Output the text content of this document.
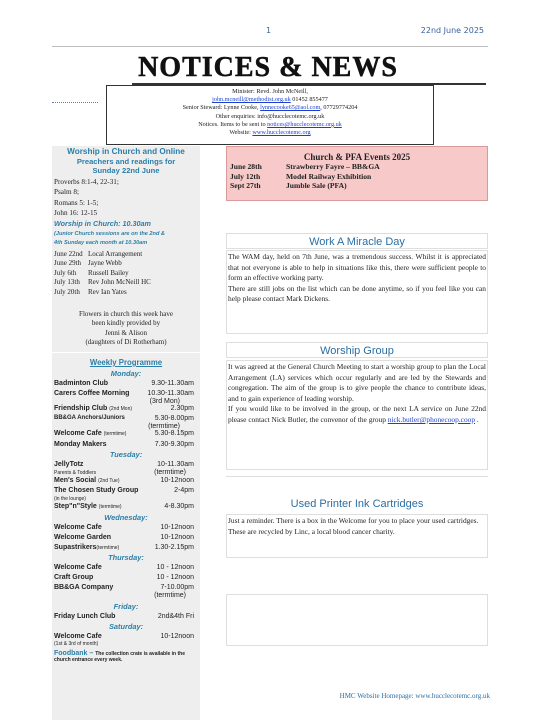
1	22nd June 2025
NOTICES & NEWS
Minister: Revd. John McNeill,
john.mcneill@methodist.org.uk 01452 855477
Senior Steward: Lynne Cooke, lynnecooke65@aol.com, 07729774204
Other enquiries: info@hucclecotemc.org.uk
Notices. Items to be sent to notices@hucclecotemc.org.uk
Website: www.hucclecotemc.org
Worship in Church and Online
Preachers and readings for
Sunday 22nd June
Proverbs 8:1-4, 22-31;
Psalm 8;
Romans 5: 1-5;
John 16: 12-15
Worship in Church: 10.30am
(Junior Church sessions are on the 2nd &
4th Sunday each month at 10.30am
June 22nd Local Arrangement
June 29th Jayne Webb
July 6th	Russell Bailey
July 13th	Rev John McNeill HC
July 20th	Rev Ian Yates
Flowers in church this week have
been kindly provided by
Jenni & Alison
(daughters of Di Rotherham)
Weekly Programme
Monday:
Badminton Club	9.30-11.30am
Carers Coffee Morning	10.30-11.30am
(3rd Mon)
Friendship Club (2nd Mon)	2.30pm
BB&GA Anchors/Juniors	5.30-8.00pm
(termtime)
Welcome Cafe (termtime)	5.30-8.15pm
Monday Makers	7.30-9.30pm
Tuesday:
JellyTotz	10-11.30am
Parents & Toddlers	(termtime)
Men's Social (2nd Tue)	10-12noon
The Chosen Study Group	2-4pm
(in the lounge)
Step"n"Style (termtime)	4-8.30pm
Wednesday:
Welcome Cafe	10-12noon
Welcome Garden	10-12noon
Supastrikers(termtime)	1.30-2.15pm
Thursday:
Welcome Cafe	10 - 12noon
Craft Group	10 - 12noon
BB&GA Company	7-10.00pm
(termtime)
Friday:
Friday Lunch Club	2nd&4th Fri
Saturday:
Welcome Cafe	10-12noon
(1st & 3rd of month)
Foodbank – The collection crate is available in the church entrance every week.
Church & PFA Events 2025
June 28th	Strawberry Fayre – BB&GA
July 12th	Model Railway Exhibition
Sept 27th	Jumble Sale (PFA)
Work A Miracle Day
The WAM day, held on 7th June, was a tremendous success. Whilst it is appreciated that not everyone is able to help in situations like this, there were sufficient people to form an effective working party.
There are still jobs on the list which can be done anytime, so if you feel like you can help please contact Mark Dickens.
Worship Group
It was agreed at the General Church Meeting to start a worship group to plan the Local Arrangement (LA) services which occur regularly and are led by the Stewards and congregation. The aim of the group is to give people the chance to contribute ideas, and to gain experience of leading worship.
If you would like to be involved in the group, or the next LA service on June 22nd please contact Nick Butler, the convenor of the group nick.butler@phonecoop.coop .
Used Printer Ink Cartridges
Just a reminder. There is a box in the Welcome for you to place your used cartridges. These are recycled by Linc, a local blood cancer charity.
HMC Website Homepage: www.hucclecotemc.org.uk
